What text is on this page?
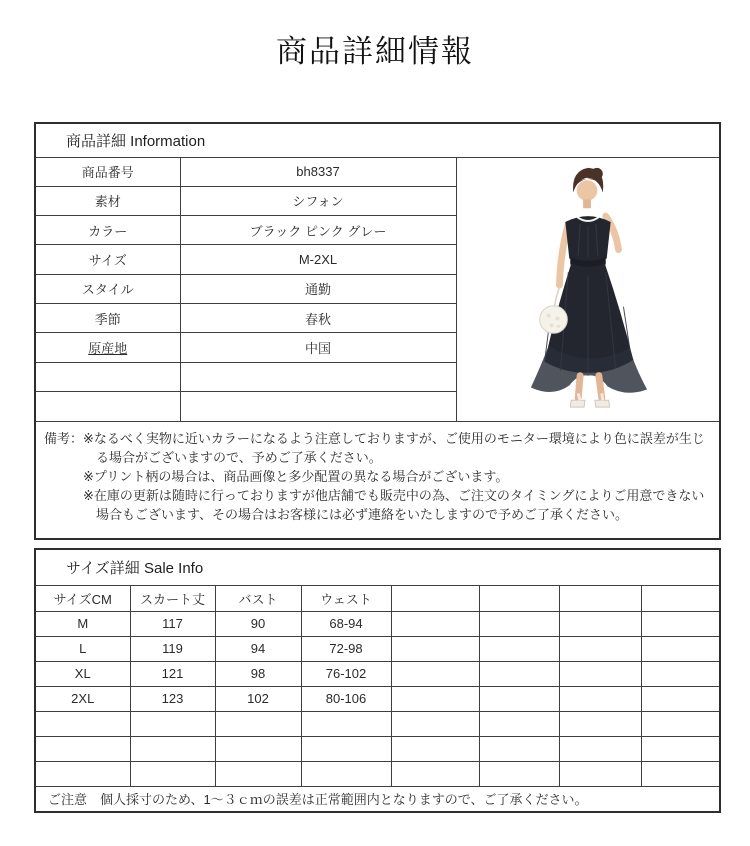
商品詳細情報
商品詳細 Information		
商品番号	bh8337	
素材	シフォン	
カラー	ブラック ピンク グレー	
サイズ	M-2XL	
スタイル	通勤	
季節	春秋	
原産地	中国	

備考： ※なるべく実物に近いカラーになるよう注意しておりますが、ご使用のモニター環境により色に誤差が生じる場合がございますので、予めご了承ください。
※プリント柄の場合は、商品画像と多少配置の異なる場合がございます。
※在庫の更新は随時に行っておりますが他店舗でも販売中の為、ご注文のタイミングによりご用意できない場合もございます、その場合はお客様には必ず連絡をいたしますので予めご了承ください。		
サイズ詳細 Sale Info							
サイズCM	スカート丈	バスト	ウェスト				
M	117	90	68-94				
L	119	94	72-98				
XL	121	98	76-102				
2XL	123	102	80-106				

ご注意　個人採寸のため、1～３ｃｍの誤差は正常範囲内となりますので、ご了承ください。							
